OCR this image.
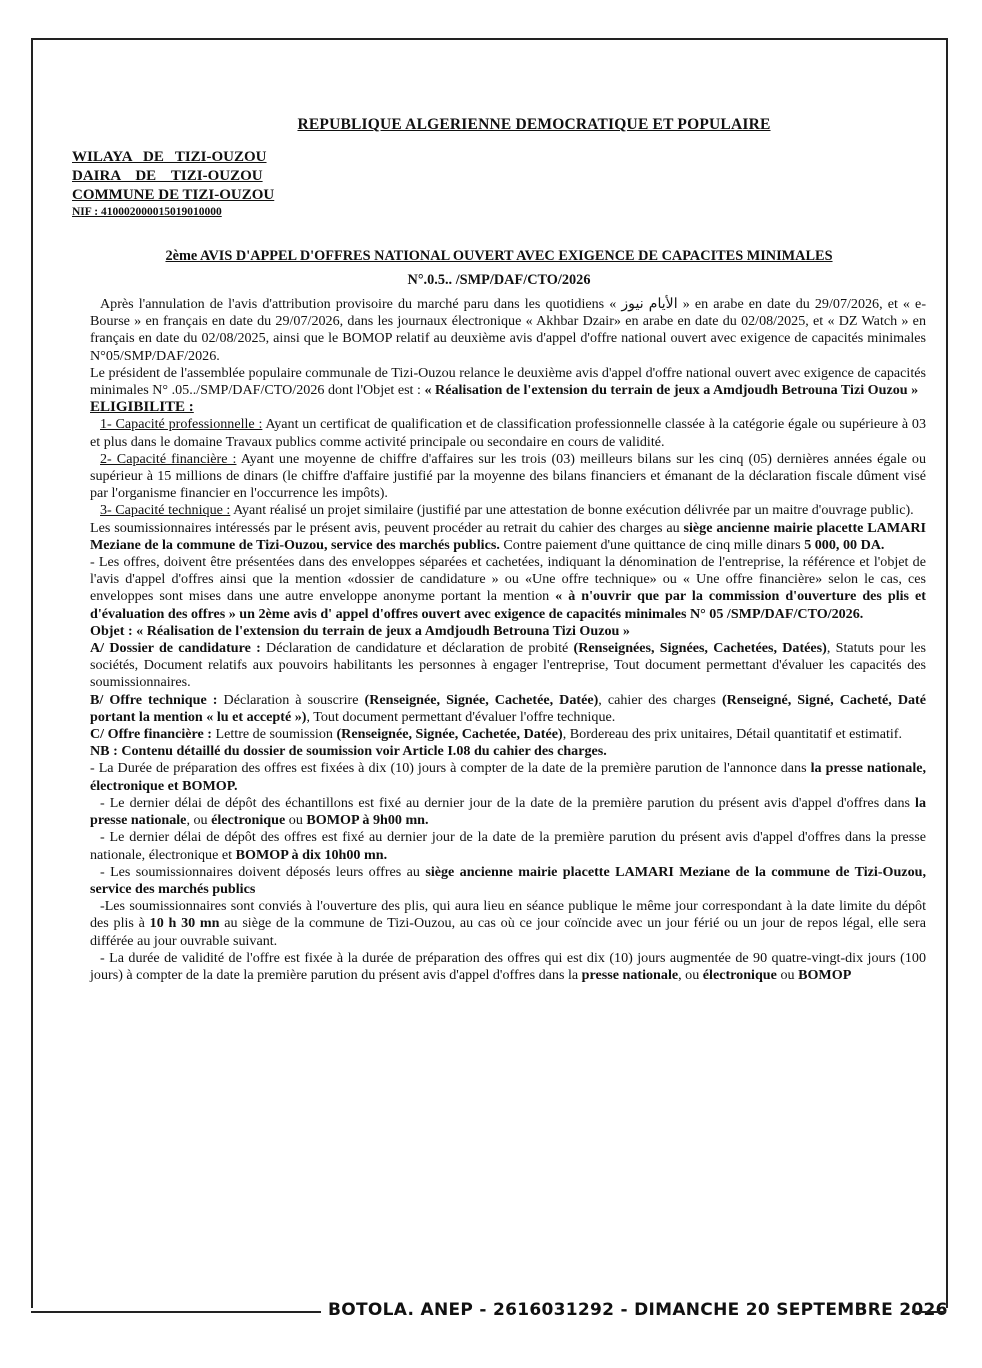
REPUBLIQUE ALGERIENNE DEMOCRATIQUE ET POPULAIRE
WILAYA   DE   TIZI-OUZOU
DAIRA    DE    TIZI-OUZOU
COMMUNE DE TIZI-OUZOU
NIF : 410002000015019010000
2ème AVIS D'APPEL D'OFFRES NATIONAL OUVERT AVEC EXIGENCE DE CAPACITES MINIMALES
N°.0.5.. /SMP/DAF/CTO/2026

Après l'annulation de l'avis d'attribution provisoire du marché paru dans les quotidiens « الأيام نيوز » en arabe en date du 29/07/2026, et « e-Bourse » en français en date du 29/07/2026, dans les journaux électronique « Akhbar Dzair» en arabe en date du 02/08/2025, et « DZ Watch » en français en date du 02/08/2025, ainsi que le BOMOP relatif au deuxième avis d'appel d'offre national ouvert avec exigence de capacités minimales N°05/SMP/DAF/2026.

Le président de l'assemblée populaire communale de Tizi-Ouzou relance le deuxième avis d'appel d'offre national ouvert avec exigence de capacités minimales N° .05../SMP/DAF/CTO/2026 dont l'Objet est : « Réalisation de l'extension du terrain de jeux a Amdjoudh Betrouna Tizi Ouzou »

ELIGIBILITE :

1- Capacité professionnelle : Ayant un certificat de qualification et de classification professionnelle classée à la catégorie égale ou supérieure à 03 et plus dans le domaine Travaux publics comme activité principale ou secondaire en cours de validité.

2- Capacité financière : Ayant une moyenne de chiffre d'affaires sur les trois (03) meilleurs bilans sur les cinq (05) dernières années égale ou supérieur à 15 millions de dinars (le chiffre d'affaire justifié par la moyenne des bilans financiers et émanant de la déclaration fiscale dûment visé par l'organisme financier en l'occurrence les impôts).

3- Capacité technique : Ayant réalisé un projet similaire (justifié par une attestation de bonne exécution délivrée par un maitre d'ouvrage public).

Les soumissionnaires intéressés par le présent avis, peuvent procéder au retrait du cahier des charges au siège ancienne mairie placette LAMARI Meziane de la commune de Tizi-Ouzou, service des marchés publics. Contre paiement d'une quittance de cinq mille dinars 5 000, 00 DA.

- Les offres, doivent être présentées dans des enveloppes séparées et cachetées, indiquant la dénomination de l'entreprise, la référence et l'objet de l'avis d'appel d'offres ainsi que la mention «dossier de candidature » ou «Une offre technique» ou « Une offre financière» selon le cas, ces enveloppes sont mises dans une autre enveloppe anonyme portant la mention « à n'ouvrir que par la commission d'ouverture des plis et d'évaluation des offres » un 2ème avis d' appel d'offres ouvert avec exigence de capacités minimales N° 05 /SMP/DAF/CTO/2026.

Objet : « Réalisation de l'extension du terrain de jeux a Amdjoudh Betrouna Tizi Ouzou »

A/ Dossier de candidature : Déclaration de candidature et déclaration de probité (Renseignées, Signées, Cachetées, Datées), Statuts pour les sociétés, Document relatifs aux pouvoirs habilitants les personnes à engager l'entreprise, Tout document permettant d'évaluer les capacités des soumissionnaires.

B/ Offre technique : Déclaration à souscrire (Renseignée, Signée, Cachetée, Datée), cahier des charges (Renseigné, Signé, Cacheté, Daté portant la mention « lu et accepté »), Tout document permettant d'évaluer l'offre technique.

C/ Offre financière : Lettre de soumission (Renseignée, Signée, Cachetée, Datée), Bordereau des prix unitaires, Détail quantitatif et estimatif.

NB : Contenu détaillé du dossier de soumission voir Article I.08 du cahier des charges.

- La Durée de préparation des offres est fixées à dix (10) jours à compter de la date de la première parution de l'annonce dans la presse nationale, électronique et BOMOP.

- Le dernier délai de dépôt des échantillons est fixé au dernier jour de la date de la première parution du présent avis d'appel d'offres dans la presse nationale, ou électronique ou BOMOP à 9h00 mn.

- Le dernier délai de dépôt des offres est fixé au dernier jour de la date de la première parution du présent avis d'appel d'offres dans la presse nationale, électronique et BOMOP à dix 10h00 mn.

- Les soumissionnaires doivent déposés leurs offres au siège ancienne mairie placette LAMARI Meziane de la commune de Tizi-Ouzou, service des marchés publics

-Les soumissionnaires sont conviés à l'ouverture des plis, qui aura lieu en séance publique le même jour correspondant à la date limite du dépôt des plis à 10 h 30 mn au siège de la commune de Tizi-Ouzou, au cas où ce jour coïncide avec un jour férié ou un jour de repos légal, elle sera différée au jour ouvrable suivant.

- La durée de validité de l'offre est fixée à la durée de préparation des offres qui est dix (10) jours augmentée de 90 quatre-vingt-dix jours (100 jours) à compter de la date la première parution du présent avis d'appel d'offres dans la presse nationale, ou électronique ou BOMOP

BOTOLA. ANEP - 2616031292 - DIMANCHE 20 SEPTEMBRE 2026
